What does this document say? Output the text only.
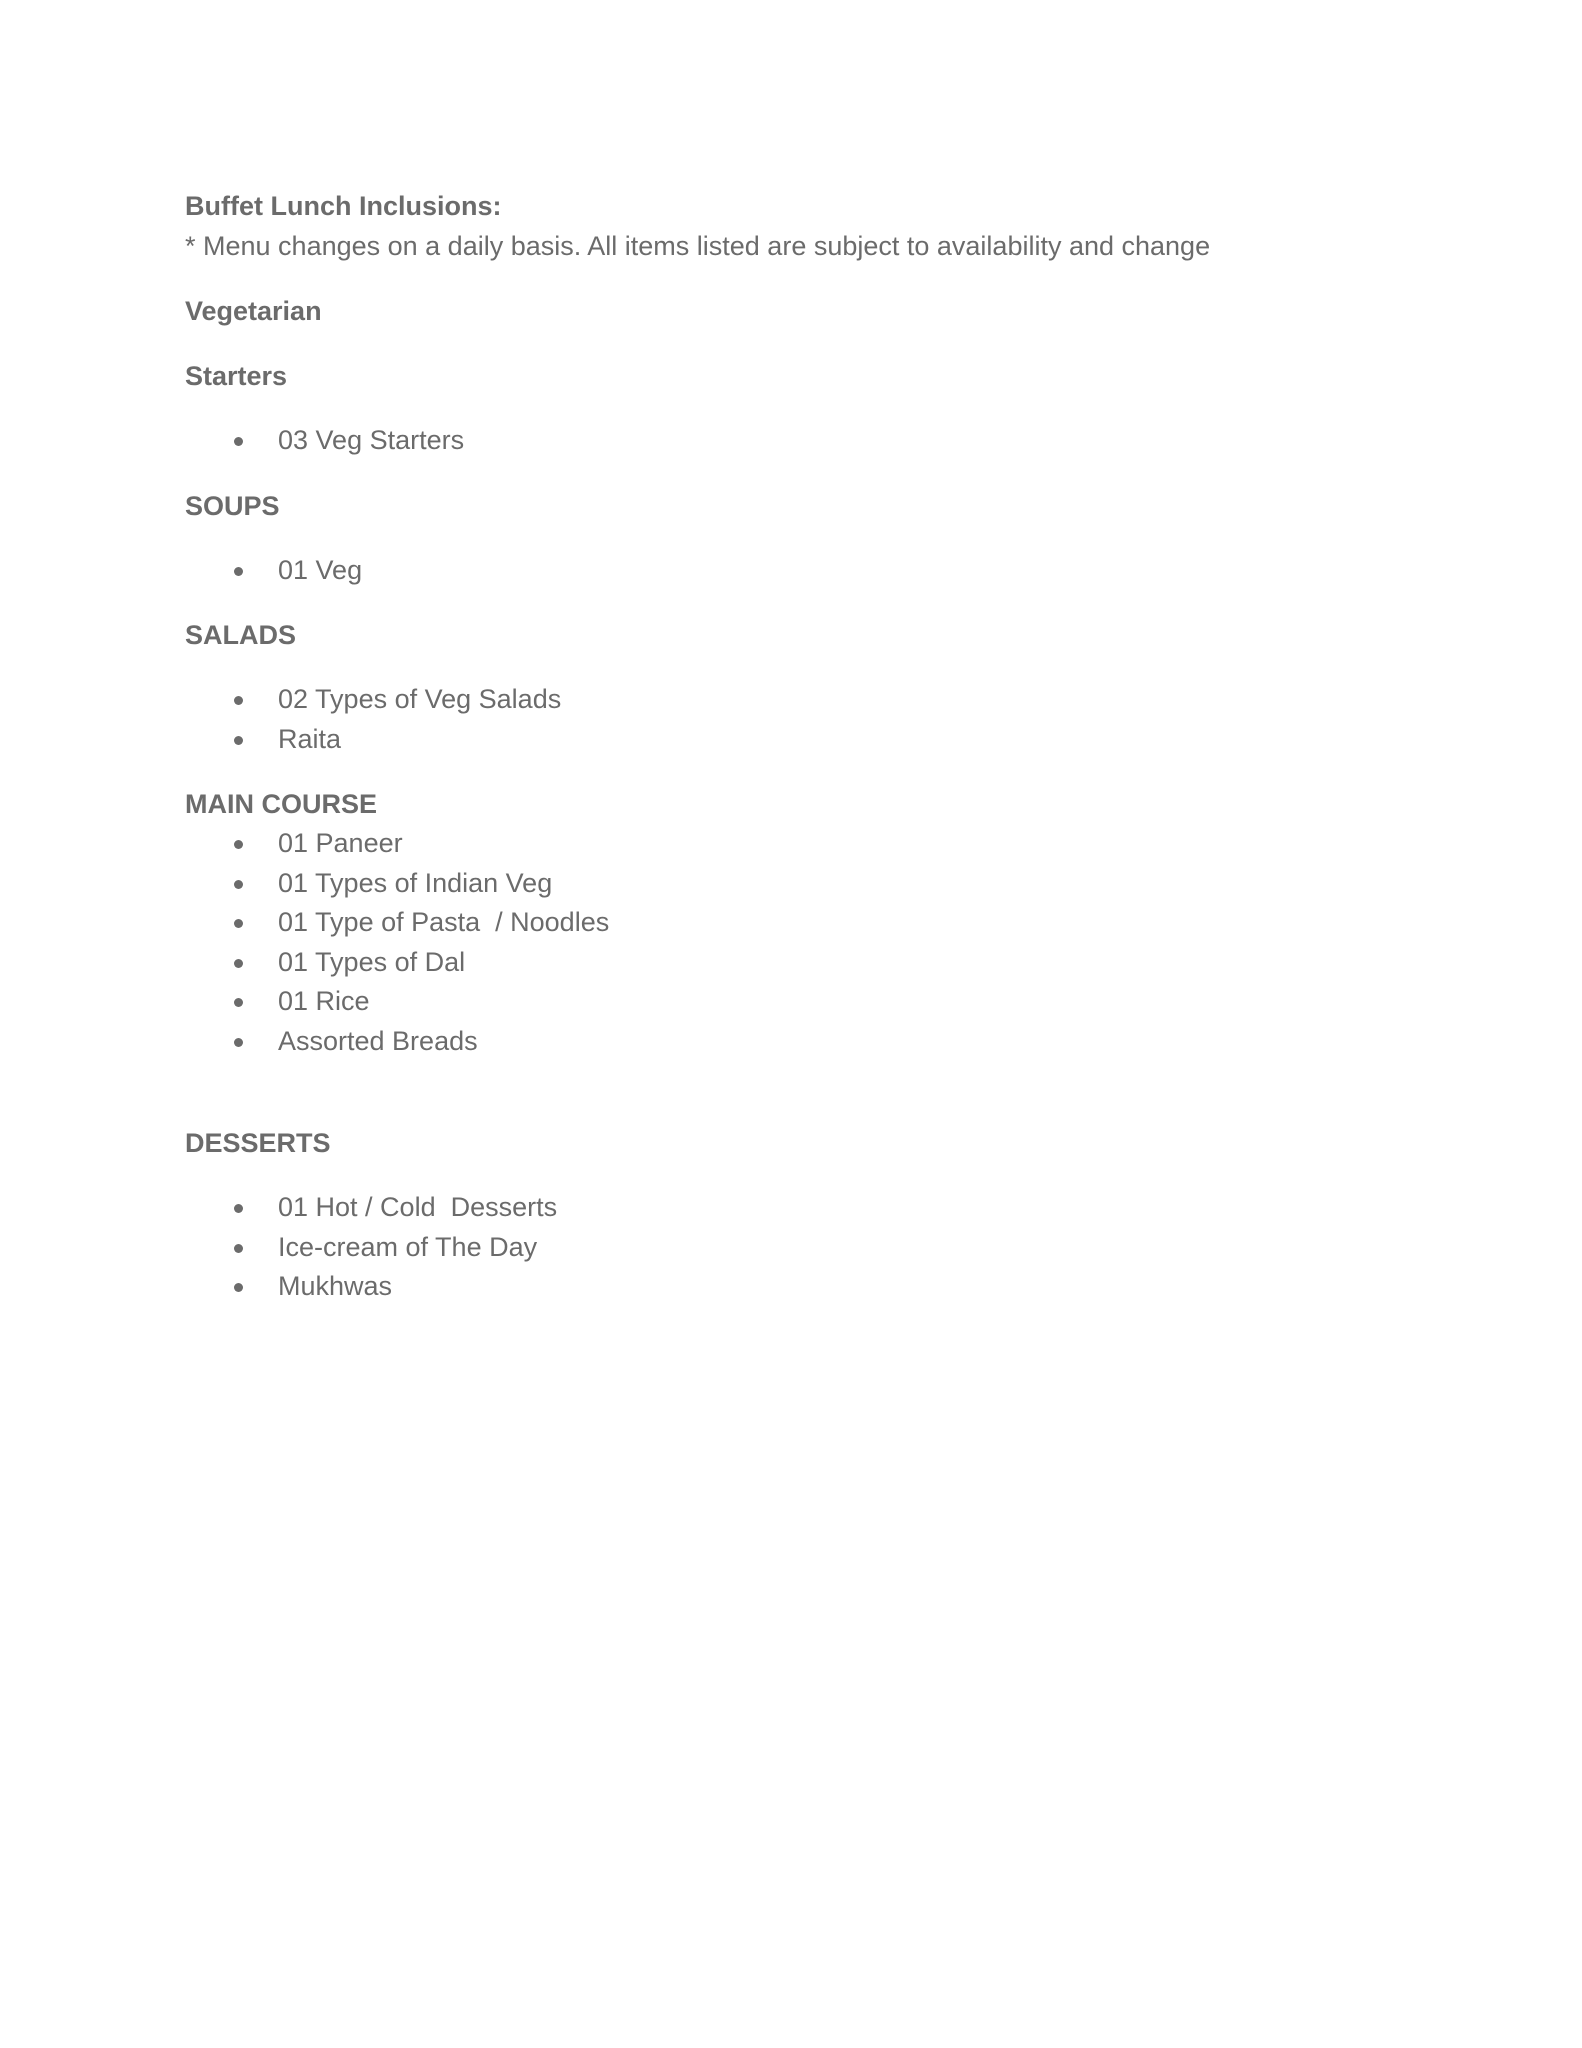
Buffet Lunch Inclusions:

* Menu changes on a daily basis. All items listed are subject to availability and change

Vegetarian

Starters

03 Veg Starters

SOUPS

01 Veg

SALADS

02 Types of Veg Salads
Raita

MAIN COURSE

01 Paneer
01 Types of Indian Veg
01 Type of Pasta  / Noodles
01 Types of Dal
01 Rice
Assorted Breads

DESSERTS

01 Hot / Cold  Desserts
Ice-cream of The Day
Mukhwas
